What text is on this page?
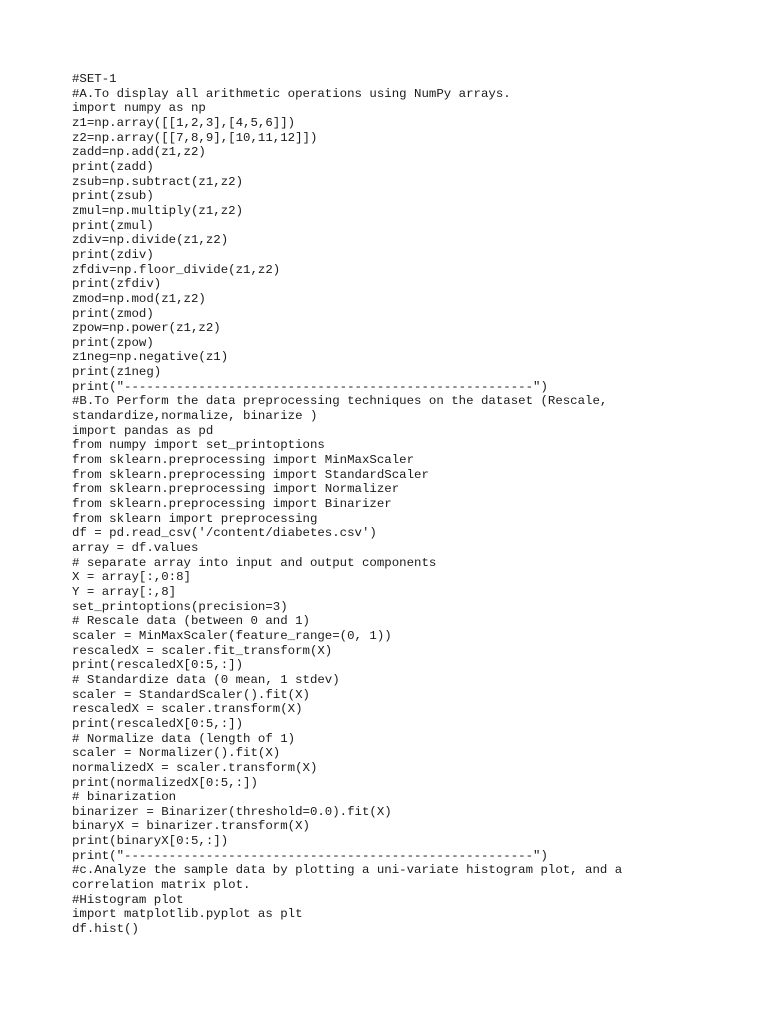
#SET-1
#A.To display all arithmetic operations using NumPy arrays.
import numpy as np
z1=np.array([[1,2,3],[4,5,6]])
z2=np.array([[7,8,9],[10,11,12]])
zadd=np.add(z1,z2)
print(zadd)
zsub=np.subtract(z1,z2)
print(zsub)
zmul=np.multiply(z1,z2)
print(zmul)
zdiv=np.divide(z1,z2)
print(zdiv)
zfdiv=np.floor_divide(z1,z2)
print(zfdiv)
zmod=np.mod(z1,z2)
print(zmod)
zpow=np.power(z1,z2)
print(zpow)
z1neg=np.negative(z1)
print(z1neg)
print("-------------------------------------------------------")
#B.To Perform the data preprocessing techniques on the dataset (Rescale,
standardize,normalize, binarize )
import pandas as pd
from numpy import set_printoptions
from sklearn.preprocessing import MinMaxScaler
from sklearn.preprocessing import StandardScaler
from sklearn.preprocessing import Normalizer
from sklearn.preprocessing import Binarizer
from sklearn import preprocessing
df = pd.read_csv('/content/diabetes.csv')
array = df.values
# separate array into input and output components
X = array[:,0:8]
Y = array[:,8]
set_printoptions(precision=3)
# Rescale data (between 0 and 1)
scaler = MinMaxScaler(feature_range=(0, 1))
rescaledX = scaler.fit_transform(X)
print(rescaledX[0:5,:])
# Standardize data (0 mean, 1 stdev)
scaler = StandardScaler().fit(X)
rescaledX = scaler.transform(X)
print(rescaledX[0:5,:])
# Normalize data (length of 1)
scaler = Normalizer().fit(X)
normalizedX = scaler.transform(X)
print(normalizedX[0:5,:])
# binarization
binarizer = Binarizer(threshold=0.0).fit(X)
binaryX = binarizer.transform(X)
print(binaryX[0:5,:])
print("-------------------------------------------------------")
#c.Analyze the sample data by plotting a uni-variate histogram plot, and a
correlation matrix plot.
#Histogram plot
import matplotlib.pyplot as plt
df.hist()
